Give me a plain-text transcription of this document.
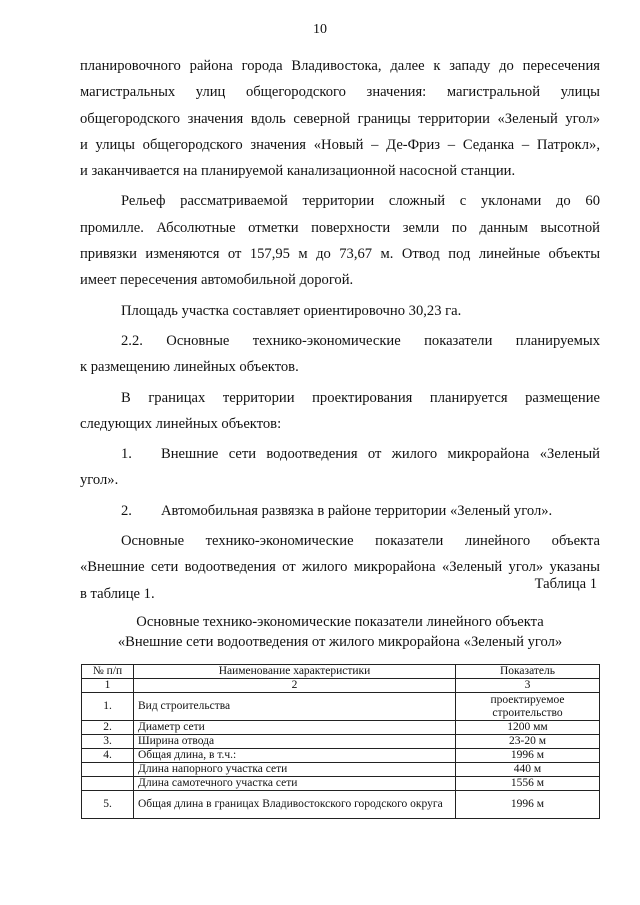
10

планировочного района города Владивостока, далее к западу до пересечения

магистральных улиц общегородского значения: магистральной улицы

общегородского значения вдоль северной границы территории «Зеленый угол»

и улицы общегородского значения «Новый – Де-Фриз – Седанка – Патрокл»,

и заканчивается на планируемой канализационной насосной станции.

Рельеф рассматриваемой территории сложный с уклонами до 60

промилле. Абсолютные отметки поверхности земли по данным высотной

привязки изменяются от 157,95 м до 73,67 м. Отвод под линейные объекты

имеет пересечения автомобильной дорогой.

Площадь участка составляет ориентировочно 30,23 га.

2.2. Основные технико-экономические показатели планируемых

к размещению линейных объектов.

В границах территории проектирования планируется размещение

следующих линейных объектов:

1. Внешние сети водоотведения от жилого микрорайона «Зеленый

угол».

2. Автомобильная развязка в районе территории «Зеленый угол».

Основные технико-экономические показатели линейного объекта

«Внешние сети водоотведения от жилого микрорайона «Зеленый угол» указаны

в таблице 1.

Таблица 1
Основные технико-экономические показатели линейного объекта
«Внешние сети водоотведения от жилого микрорайона «Зеленый угол»
№ п/п	Наименование характеристики	Показатель
1	2	3
1.	Вид строительства	проектируемое строительство
2.	Диаметр сети	1200 мм
3.	Ширина отвода	23-20 м
4.	Общая длина, в т.ч.:	1996 м
	Длина напорного участка сети	440 м
	Длина самотечного участка сети	1556 м
5.	Общая длина в границах Владивостокского городского округа	1996 м
